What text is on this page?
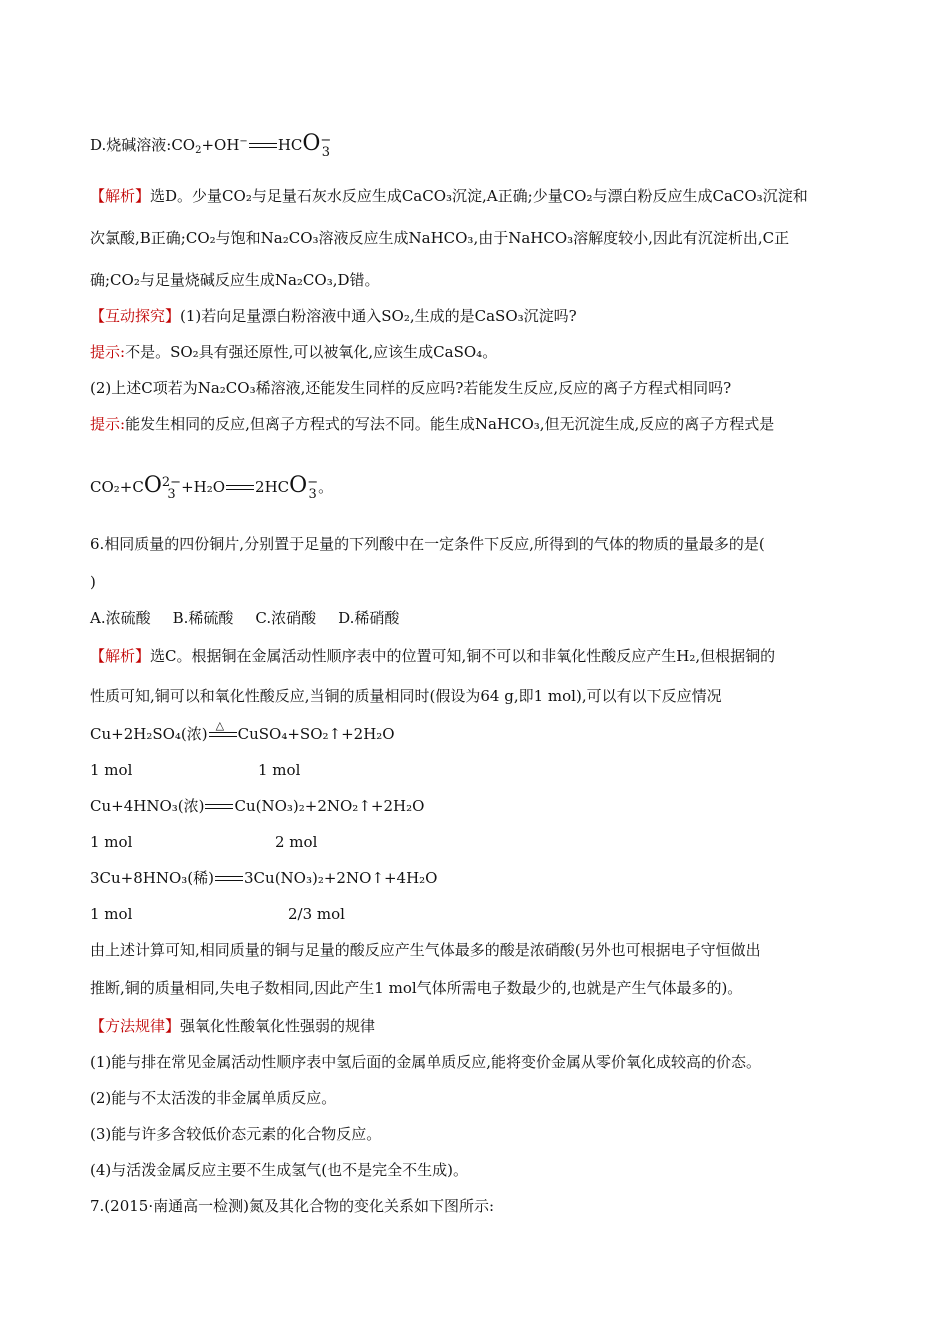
D.烧碱溶液$:CO_2+OH^-$ HCO−
3
【解析】选D。少量CO₂与足量石灰水反应生成CaCO₃沉淀,A正确;少量CO₂与漂白粉反应生成CaCO₃沉淀和
次氯酸,B正确;CO₂与饱和Na₂CO₃溶液反应生成NaHCO₃,由于NaHCO₃溶解度较小,因此有沉淀析出,C正
确;CO₂与足量烧碱反应生成Na₂CO₃,D错。
【互动探究】(1)若向足量漂白粉溶液中通入SO₂,生成的是CaSO₃沉淀吗?
提示:不是。SO₂具有强还原性,可以被氧化,应该生成CaSO₄。
(2)上述C项若为Na₂CO₃稀溶液,还能发生同样的反应吗?若能发生反应,反应的离子方程式相同吗?
提示:能发生相同的反应,但离子方程式的写法不同。能生成NaHCO₃,但无沉淀生成,反应的离子方程式是
CO₂+CO2−
3 +H₂O 2HCO−
3。
6.相同质量的四份铜片,分别置于足量的下列酸中在一定条件下反应,所得到的气体的物质的量最多的是(
)
A.浓硫酸 B.稀硫酸 C.浓硝酸 D.稀硝酸
【解析】选C。根据铜在金属活动性顺序表中的位置可知,铜不可以和非氧化性酸反应产生H₂,但根据铜的
性质可知,铜可以和氧化性酸反应,当铜的质量相同时(假设为64 g,即1 mol),可以有以下反应情况
Cu+2H₂SO₄(浓) △ CuSO₄+SO₂↑+2H₂O
1 mol	1 mol
Cu+4HNO₃(浓) Cu(NO₃)₂+2NO₂↑+2H₂O
1 mol	2 mol
3Cu+8HNO₃(稀) 3Cu(NO₃)₂+2NO↑+4H₂O
1 mol	2/3 mol
由上述计算可知,相同质量的铜与足量的酸反应产生气体最多的酸是浓硝酸(另外也可根据电子守恒做出
推断,铜的质量相同,失电子数相同,因此产生1 mol气体所需电子数最少的,也就是产生气体最多的)。
【方法规律】强氧化性酸氧化性强弱的规律
(1)能与排在常见金属活动性顺序表中氢后面的金属单质反应,能将变价金属从零价氧化成较高的价态。
(2)能与不太活泼的非金属单质反应。
(3)能与许多含较低价态元素的化合物反应。
(4)与活泼金属反应主要不生成氢气(也不是完全不生成)。
7.(2015·南通高一检测)氮及其化合物的变化关系如下图所示:
